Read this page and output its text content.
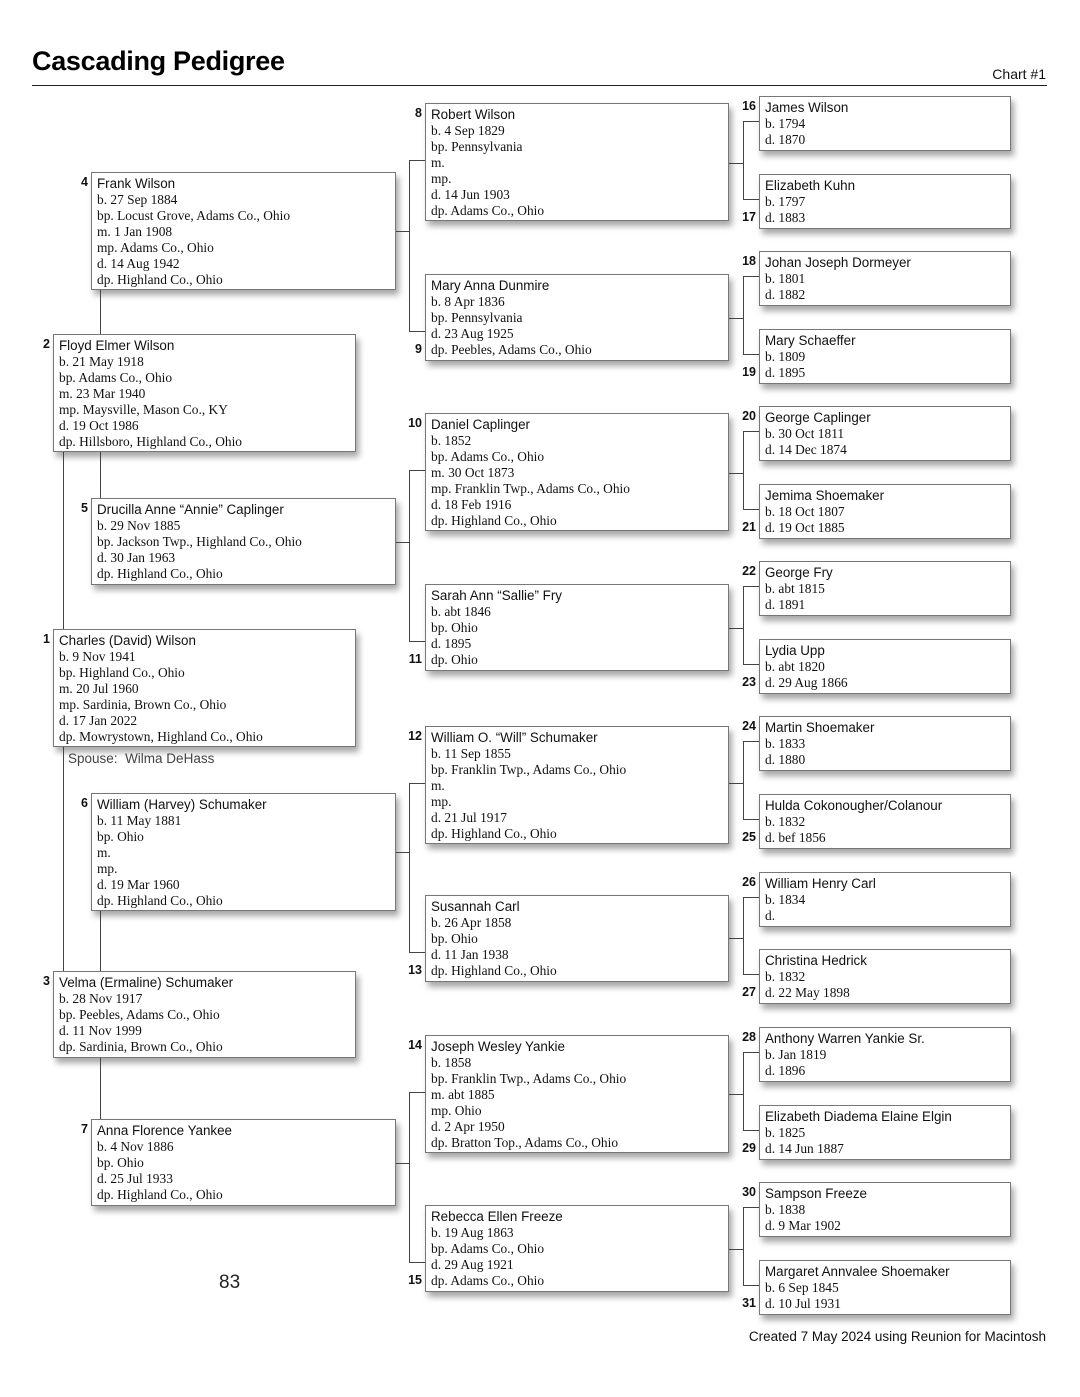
Cascading Pedigree	Chart #1
Charles (David) Wilson
b. 9 Nov 1941
bp. Highland Co., Ohio
m. 20 Jul 1960
mp. Sardinia, Brown Co., Ohio
d. 17 Jan 2022
dp. Mowrystown, Highland Co., Ohio
1
Floyd Elmer Wilson
b. 21 May 1918
bp. Adams Co., Ohio
m. 23 Mar 1940
mp. Maysville, Mason Co., KY
d. 19 Oct 1986
dp. Hillsboro, Highland Co., Ohio
2
Velma (Ermaline) Schumaker
b. 28 Nov 1917
bp. Peebles, Adams Co., Ohio
d. 11 Nov 1999
dp. Sardinia, Brown Co., Ohio
3
Frank Wilson
b. 27 Sep 1884
bp. Locust Grove, Adams Co., Ohio
m. 1 Jan 1908
mp. Adams Co., Ohio
d. 14 Aug 1942
dp. Highland Co., Ohio
4
Drucilla Anne “Annie” Caplinger
b. 29 Nov 1885
bp. Jackson Twp., Highland Co., Ohio
d. 30 Jan 1963
dp. Highland Co., Ohio
5
William (Harvey) Schumaker
b. 11 May 1881
bp. Ohio
m.
mp.
d. 19 Mar 1960
dp. Highland Co., Ohio
6
Anna Florence Yankee
b. 4 Nov 1886
bp. Ohio
d. 25 Jul 1933
dp. Highland Co., Ohio
7
Robert Wilson
b. 4 Sep 1829
bp. Pennsylvania
m.
mp.
d. 14 Jun 1903
dp. Adams Co., Ohio
8
Mary Anna Dunmire
b. 8 Apr 1836
bp. Pennsylvania
d. 23 Aug 1925
dp. Peebles, Adams Co., Ohio
9
Daniel Caplinger
b. 1852
bp. Adams Co., Ohio
m. 30 Oct 1873
mp. Franklin Twp., Adams Co., Ohio
d. 18 Feb 1916
dp. Highland Co., Ohio
10
Sarah Ann “Sallie” Fry
b. abt 1846
bp. Ohio
d. 1895
dp. Ohio
11
William O. “Will” Schumaker
b. 11 Sep 1855
bp. Franklin Twp., Adams Co., Ohio
m.
mp.
d. 21 Jul 1917
dp. Highland Co., Ohio
12
Susannah Carl
b. 26 Apr 1858
bp. Ohio
d. 11 Jan 1938
dp. Highland Co., Ohio
13
Joseph Wesley Yankie
b. 1858
bp. Franklin Twp., Adams Co., Ohio
m. abt 1885
mp. Ohio
d. 2 Apr 1950
dp. Bratton Top., Adams Co., Ohio
14
Rebecca Ellen Freeze
b. 19 Aug 1863
bp. Adams Co., Ohio
d. 29 Aug 1921
dp. Adams Co., Ohio
15
James Wilson
b. 1794
d. 1870
16
Elizabeth Kuhn
b. 1797
d. 1883
17
Johan Joseph Dormeyer
b. 1801
d. 1882
18
Mary Schaeffer
b. 1809
d. 1895
19
George Caplinger
b. 30 Oct 1811
d. 14 Dec 1874
20
Jemima Shoemaker
b. 18 Oct 1807
d. 19 Oct 1885
21
George Fry
b. abt 1815
d. 1891
22
Lydia Upp
b. abt 1820
d. 29 Aug 1866
23
Martin Shoemaker
b. 1833
d. 1880
24
Hulda Cokonougher/Colanour
b. 1832
d. bef 1856
25
William Henry Carl
b. 1834
d.
26
Christina Hedrick
b. 1832
d. 22 May 1898
27
Anthony Warren Yankie Sr.
b. Jan 1819
d. 1896
28
Elizabeth Diadema Elaine Elgin
b. 1825
d. 14 Jun 1887
29
Sampson Freeze
b. 1838
d. 9 Mar 1902
30
Margaret Annvalee Shoemaker
b. 6 Sep 1845
d. 10 Jul 1931
31
Spouse: Wilma DeHass
83
Created 7 May 2024 using Reunion for Macintosh
